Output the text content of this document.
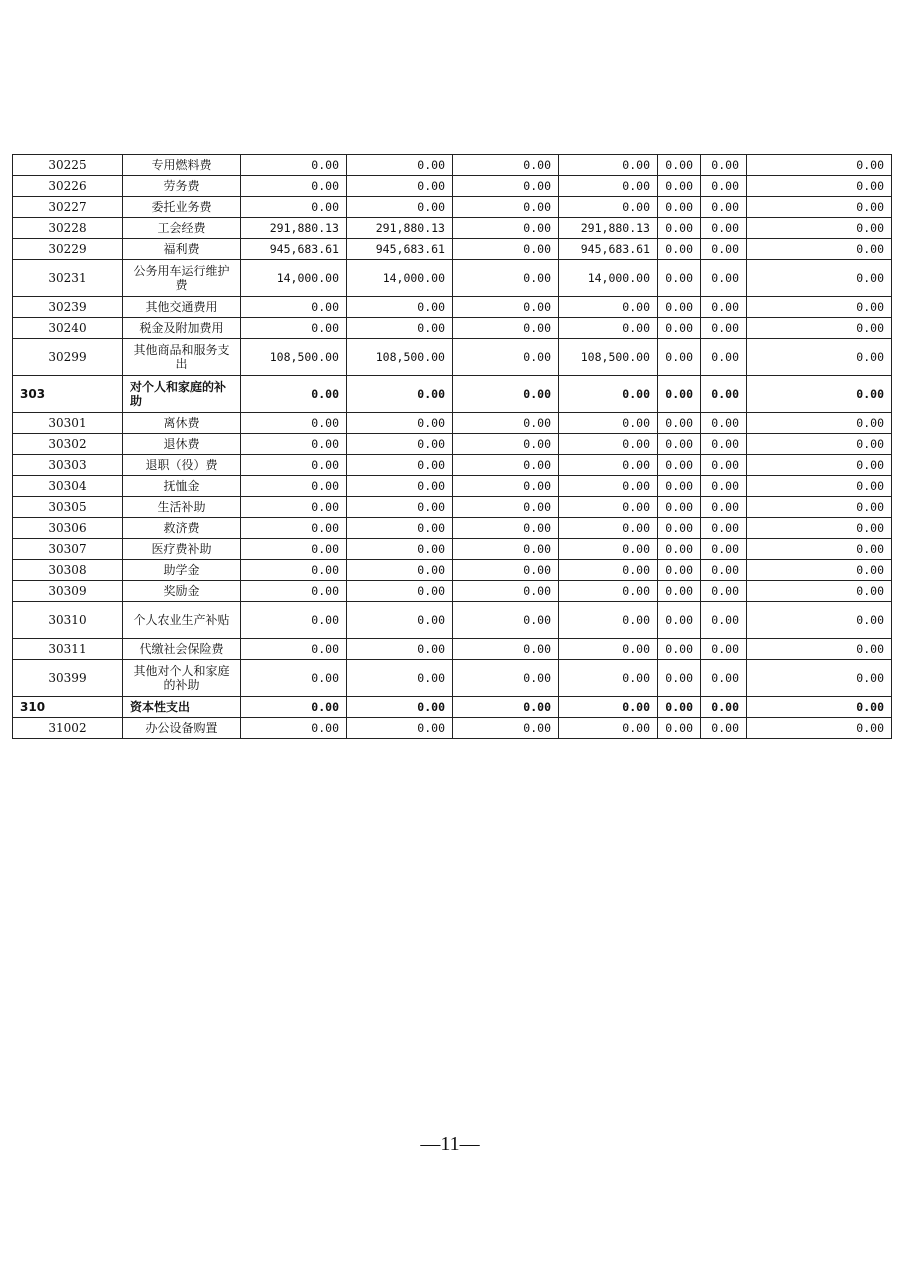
30225	专用燃料费	0.00	0.00	0.00	0.00	0.00	0.00	0.00
30226	劳务费	0.00	0.00	0.00	0.00	0.00	0.00	0.00
30227	委托业务费	0.00	0.00	0.00	0.00	0.00	0.00	0.00
30228	工会经费	291,880.13	291,880.13	0.00	291,880.13	0.00	0.00	0.00
30229	福利费	945,683.61	945,683.61	0.00	945,683.61	0.00	0.00	0.00
30231	公务用车运行维护费	14,000.00	14,000.00	0.00	14,000.00	0.00	0.00	0.00
30239	其他交通费用	0.00	0.00	0.00	0.00	0.00	0.00	0.00
30240	税金及附加费用	0.00	0.00	0.00	0.00	0.00	0.00	0.00
30299	其他商品和服务支出	108,500.00	108,500.00	0.00	108,500.00	0.00	0.00	0.00
303	对个人和家庭的补助	0.00	0.00	0.00	0.00	0.00	0.00	0.00
30301	离休费	0.00	0.00	0.00	0.00	0.00	0.00	0.00
30302	退休费	0.00	0.00	0.00	0.00	0.00	0.00	0.00
30303	退职（役）费	0.00	0.00	0.00	0.00	0.00	0.00	0.00
30304	抚恤金	0.00	0.00	0.00	0.00	0.00	0.00	0.00
30305	生活补助	0.00	0.00	0.00	0.00	0.00	0.00	0.00
30306	救济费	0.00	0.00	0.00	0.00	0.00	0.00	0.00
30307	医疗费补助	0.00	0.00	0.00	0.00	0.00	0.00	0.00
30308	助学金	0.00	0.00	0.00	0.00	0.00	0.00	0.00
30309	奖励金	0.00	0.00	0.00	0.00	0.00	0.00	0.00
30310	个人农业生产补贴	0.00	0.00	0.00	0.00	0.00	0.00	0.00
30311	代缴社会保险费	0.00	0.00	0.00	0.00	0.00	0.00	0.00
30399	其他对个人和家庭的补助	0.00	0.00	0.00	0.00	0.00	0.00	0.00
310	资本性支出	0.00	0.00	0.00	0.00	0.00	0.00	0.00
31002	办公设备购置	0.00	0.00	0.00	0.00	0.00	0.00	0.00
—11—
